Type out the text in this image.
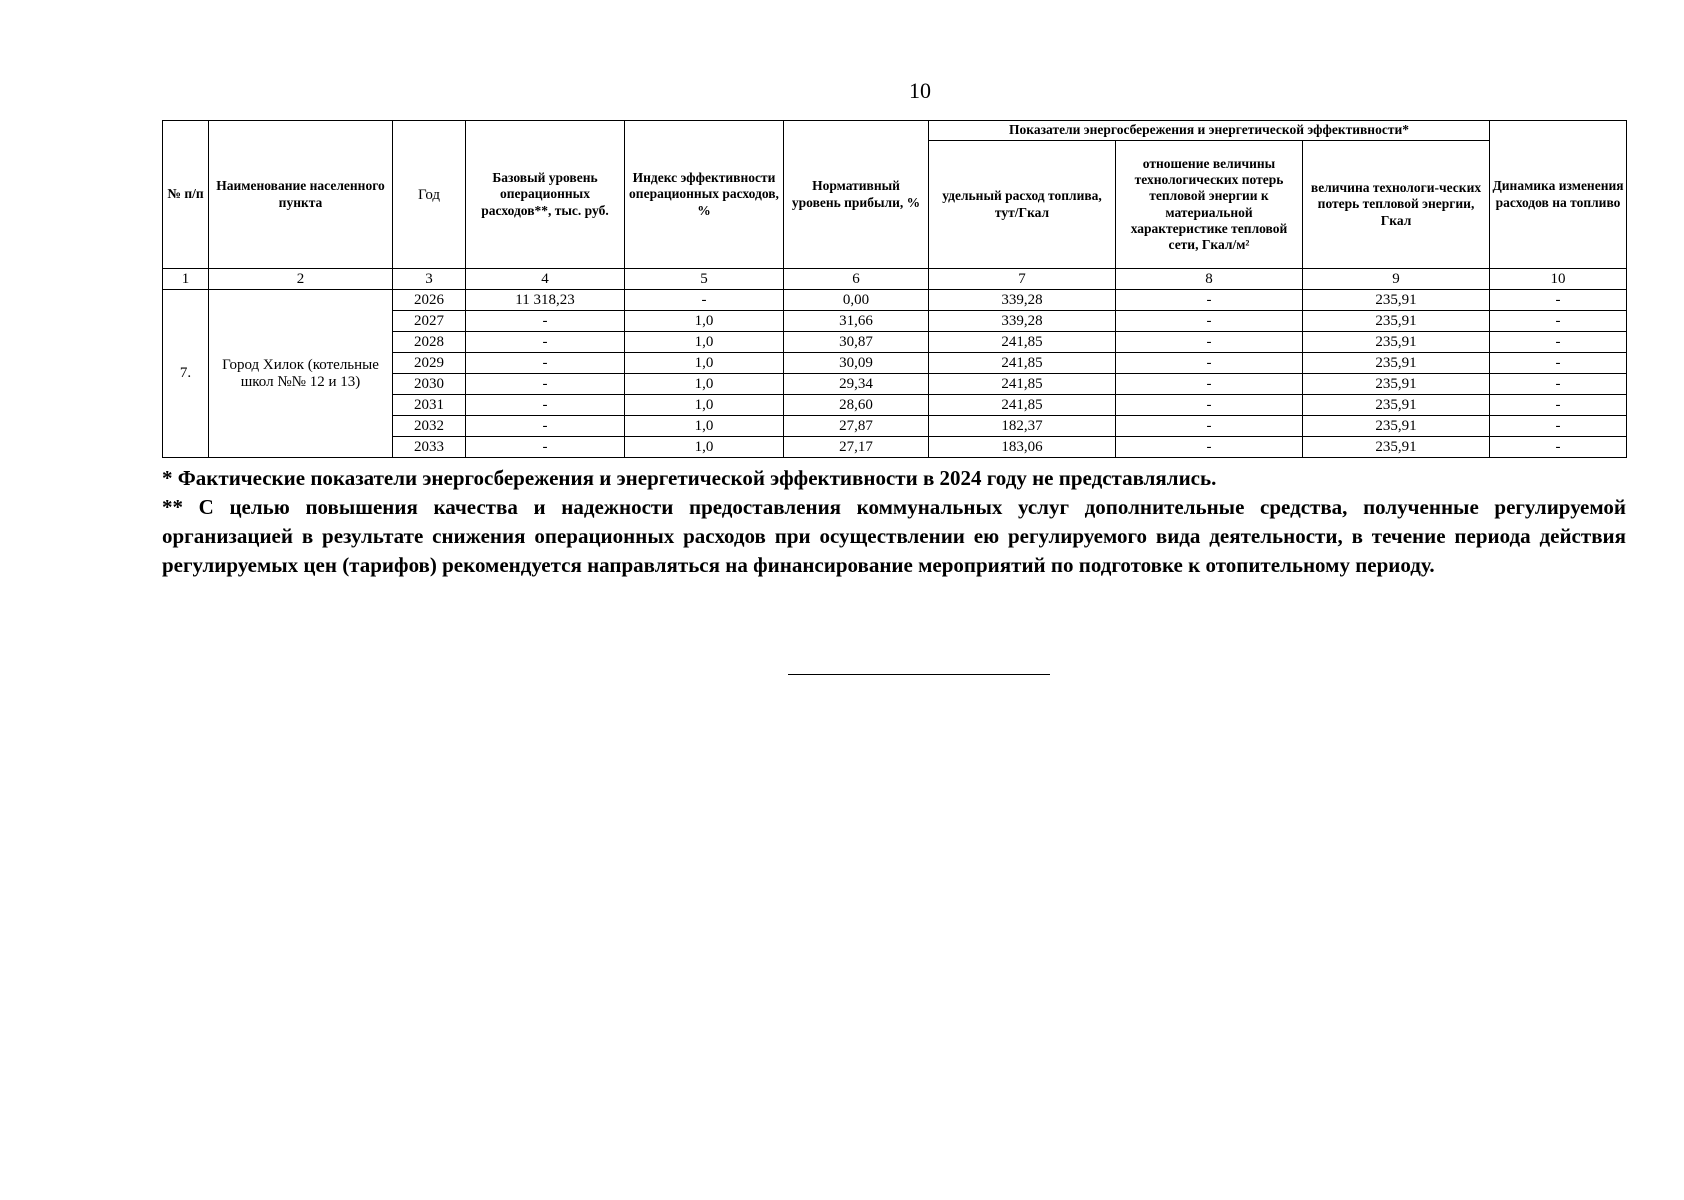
10
№ п/п	Наименование населенного пункта	Год	Базовый уровень операционных расходов**, тыс. руб.	Индекс эффективности операционных расходов, %	Нормативный уровень прибыли, %	Показатели энергосбережения и энергетической эффективности*			Динамика изменения расходов на топливо
						удельный расход топлива, тут/Гкал	отношение величины технологических потерь тепловой энергии к материальной характеристике тепловой сети, Гкал/м²	величина технологи-ческих потерь тепловой энергии, Гкал	
1	2	3	4	5	6	7	8	9	10
7.	Город Хилок (котельные школ №№ 12 и 13)	2026	11 318,23	-	0,00	339,28	-	235,91	-
		2027	-	1,0	31,66	339,28	-	235,91	-
		2028	-	1,0	30,87	241,85	-	235,91	-
		2029	-	1,0	30,09	241,85	-	235,91	-
		2030	-	1,0	29,34	241,85	-	235,91	-
		2031	-	1,0	28,60	241,85	-	235,91	-
		2032	-	1,0	27,87	182,37	-	235,91	-
		2033	-	1,0	27,17	183,06	-	235,91	-

* Фактические показатели энергосбережения и энергетической эффективности в 2024 году не представлялись.

** С целью повышения качества и надежности предоставления коммунальных услуг дополнительные средства, полученные регулируемой организацией в результате снижения операционных расходов при осуществлении ею регулируемого вида деятельности, в течение периода действия регулируемых цен (тарифов) рекомендуется направляться на финансирование мероприятий по подготовке к отопительному периоду.
